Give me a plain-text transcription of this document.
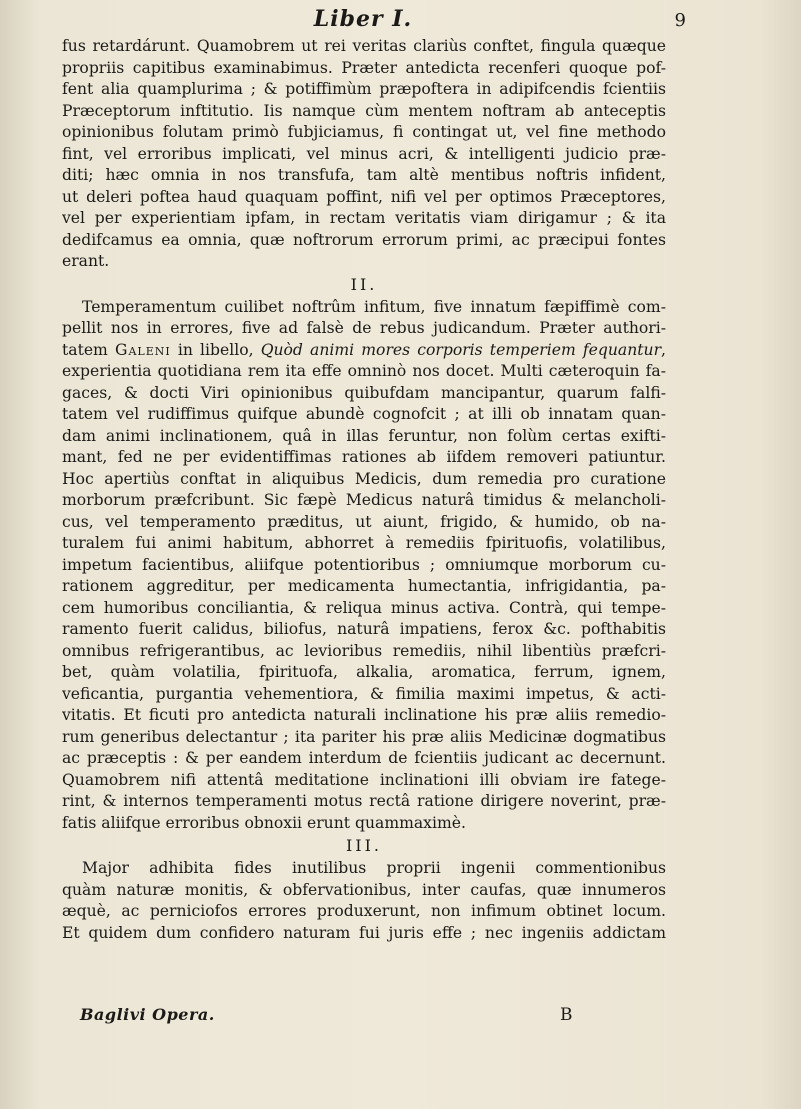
Liber I.	9
fus retardárunt. Quamobrem ut rei veritas clariùs conftet, fingula quæque
propriis capitibus examinabimus. Præter antedicta recenferi quoque pof-
fent alia quamplurima ; & potiffimùm præpoftera in adipifcendis fcientiis
Præceptorum inftitutio. Iis namque cùm mentem noftram ab anteceptis
opinionibus folutam primò fubjiciamus, fi contingat ut, vel fine methodo
fint, vel erroribus implicati, vel minus acri, & intelligenti judicio præ-
diti; hæc omnia in nos transfufa, tam altè mentibus noftris infident,
ut deleri poftea haud quaquam poffint, nifi vel per optimos Præceptores,
vel per experientiam ipfam, in rectam veritatis viam dirigamur ; & ita
dedifcamus ea omnia, quæ noftrorum errorum primi, ac præcipui fontes
erant.
II.
Temperamentum cuilibet noftrûm infitum, five innatum fæpiffimè com-
pellit nos in errores, five ad falsè de rebus judicandum. Præter authori-
tatem Galeni in libello, Quòd animi mores corporis temperiem fequantur,
experientia quotidiana rem ita effe omninò nos docet. Multi cæteroquin fa-
gaces, & docti Viri opinionibus quibufdam mancipantur, quarum falfi-
tatem vel rudiffimus quifque abundè cognofcit ; at illi ob innatam quan-
dam animi inclinationem, quâ in illas feruntur, non folùm certas exifti-
mant, fed ne per evidentiffimas rationes ab iifdem removeri patiuntur.
Hoc apertiùs conftat in aliquibus Medicis, dum remedia pro curatione
morborum præfcribunt. Sic fæpè Medicus naturâ timidus & melancholi-
cus, vel temperamento præditus, ut aiunt, frigido, & humido, ob na-
turalem fui animi habitum, abhorret à remediis fpirituofis, volatilibus,
impetum facientibus, aliifque potentioribus ; omniumque morborum cu-
rationem aggreditur, per medicamenta humectantia, infrigidantia, pa-
cem humoribus conciliantia, & reliqua minus activa. Contrà, qui tempe-
ramento fuerit calidus, biliofus, naturâ impatiens, ferox &c. pofthabitis
omnibus refrigerantibus, ac levioribus remediis, nihil libentiùs præfcri-
bet, quàm volatilia, fpirituofa, alkalia, aromatica, ferrum, ignem,
veficantia, purgantia vehementiora, & fimilia maximi impetus, & acti-
vitatis. Et ficuti pro antedicta naturali inclinatione his præ aliis remedio-
rum generibus delectantur ; ita pariter his præ aliis Medicinæ dogmatibus
ac præceptis : & per eandem interdum de fcientiis judicant ac decernunt.
Quamobrem nifi attentâ meditatione inclinationi illi obviam ire fatege-
rint, & internos temperamenti motus rectâ ratione dirigere noverint, præ-
fatis aliifque erroribus obnoxii erunt quammaximè.
III.
Major adhibita fides inutilibus proprii ingenii commentionibus
quàm naturæ monitis, & obfervationibus, inter caufas, quæ innumeros
æquè, ac perniciofos errores produxerunt, non infimum obtinet locum.
Et quidem dum confidero naturam fui juris effe ; nec ingeniis addictam
Baglivi Opera.	B
